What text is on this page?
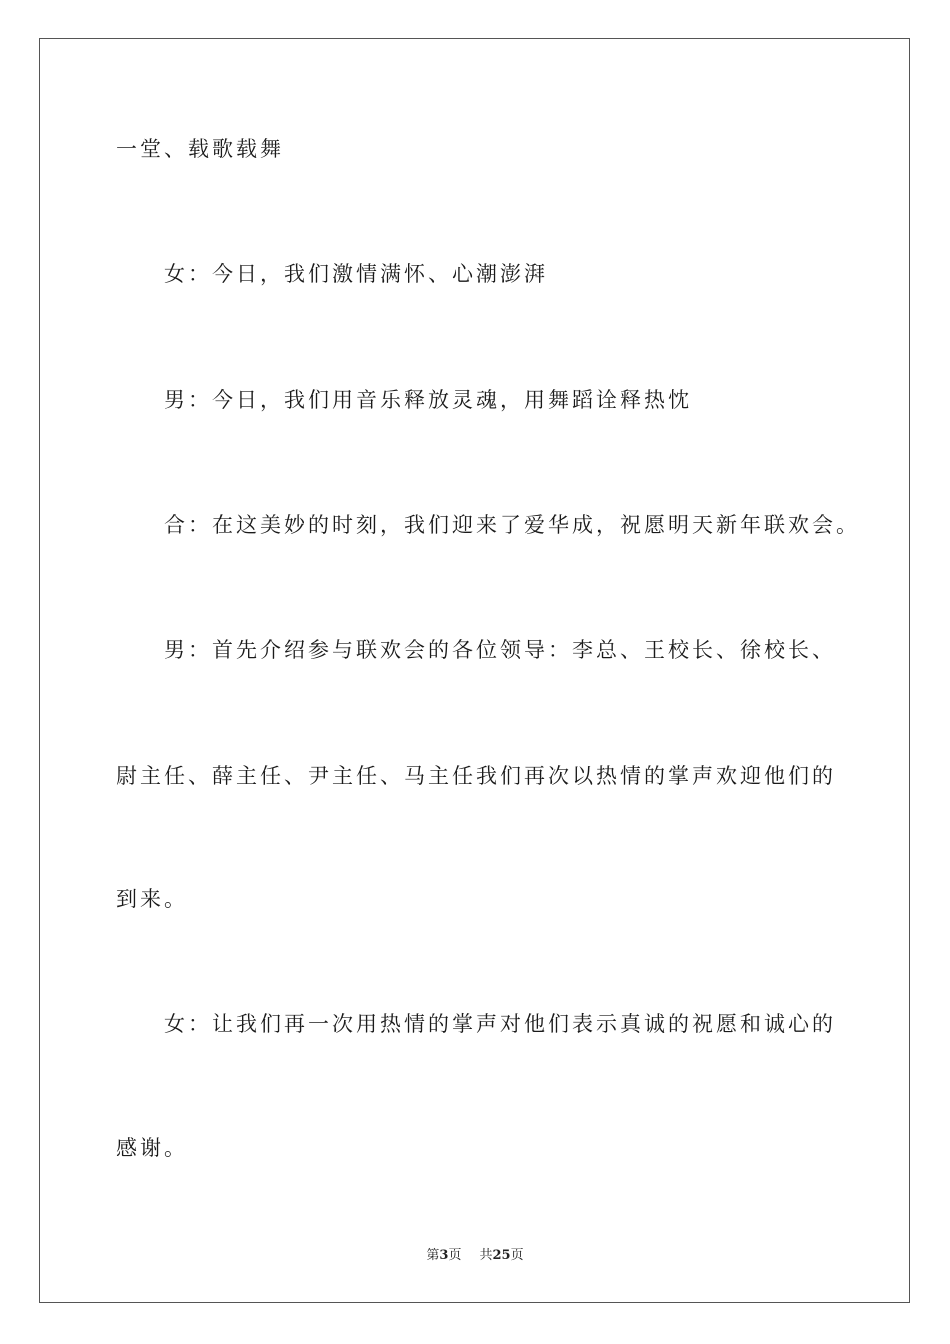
一堂、载歌载舞
女：今日，我们激情满怀、心潮澎湃
男：今日，我们用音乐释放灵魂，用舞蹈诠释热忱
合：在这美妙的时刻，我们迎来了爱华成，祝愿明天新年联欢会。
男：首先介绍参与联欢会的各位领导：李总、王校长、徐校长、
尉主任、薛主任、尹主任、马主任我们再次以热情的掌声欢迎他们的
到来。
女：让我们再一次用热情的掌声对他们表示真诚的祝愿和诚心的
感谢。
第3页 共25页
